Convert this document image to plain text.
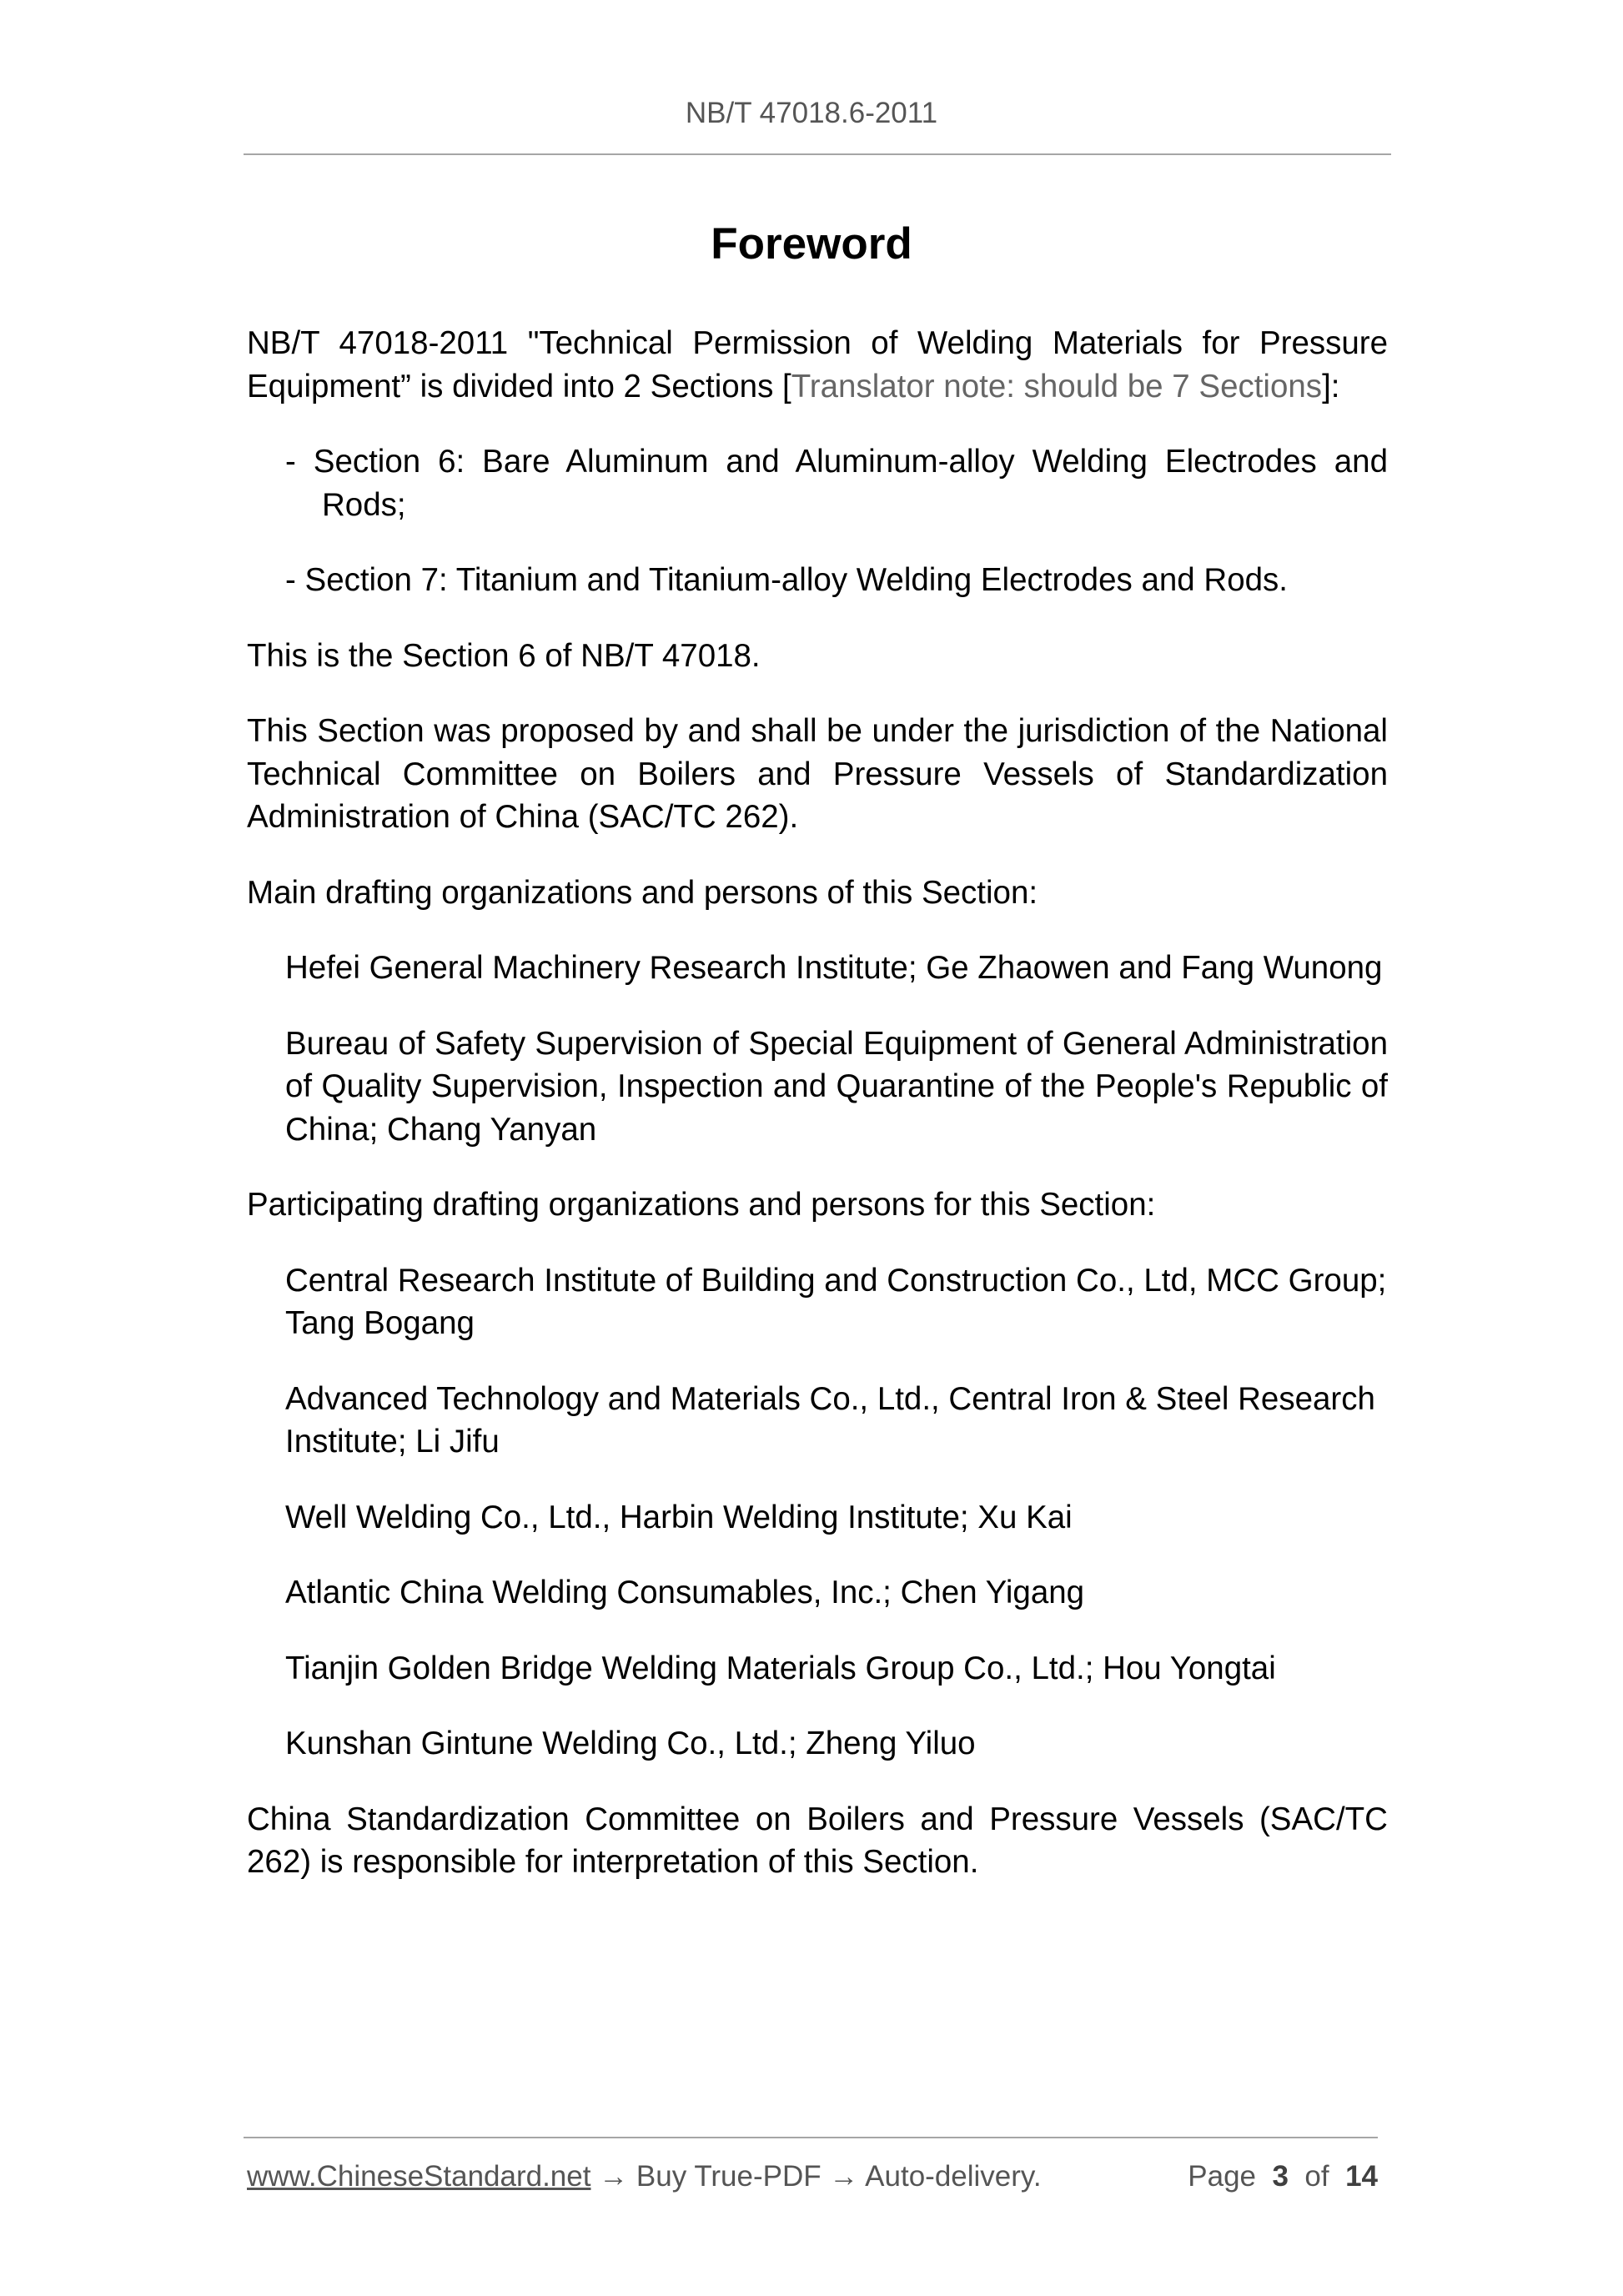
NB/T 47018.6-2011
Foreword

NB/T 47018-2011 "Technical Permission of Welding Materials for Pressure Equipment” is divided into 2 Sections [Translator note: should be 7 Sections]:

- Section 6: Bare Aluminum and Aluminum-alloy Welding Electrodes and Rods;

- Section 7: Titanium and Titanium-alloy Welding Electrodes and Rods.

This is the Section 6 of NB/T 47018.

This Section was proposed by and shall be under the jurisdiction of the National Technical Committee on Boilers and Pressure Vessels of Standardization Administration of China (SAC/TC 262).

Main drafting organizations and persons of this Section:

Hefei General Machinery Research Institute; Ge Zhaowen and Fang Wunong

Bureau of Safety Supervision of Special Equipment of General Administration of Quality Supervision, Inspection and Quarantine of the People's Republic of China; Chang Yanyan

Participating drafting organizations and persons for this Section:

Central Research Institute of Building and Construction Co., Ltd, MCC Group; Tang Bogang

Advanced Technology and Materials Co., Ltd., Central Iron & Steel Research Institute; Li Jifu

Well Welding Co., Ltd., Harbin Welding Institute; Xu Kai

Atlantic China Welding Consumables, Inc.; Chen Yigang

Tianjin Golden Bridge Welding Materials Group Co., Ltd.; Hou Yongtai

Kunshan Gintune Welding Co., Ltd.; Zheng Yiluo

China Standardization Committee on Boilers and Pressure Vessels (SAC/TC 262) is responsible for interpretation of this Section.

www.ChineseStandard.net → Buy True-PDF → Auto-delivery.	Page 3 of 14
